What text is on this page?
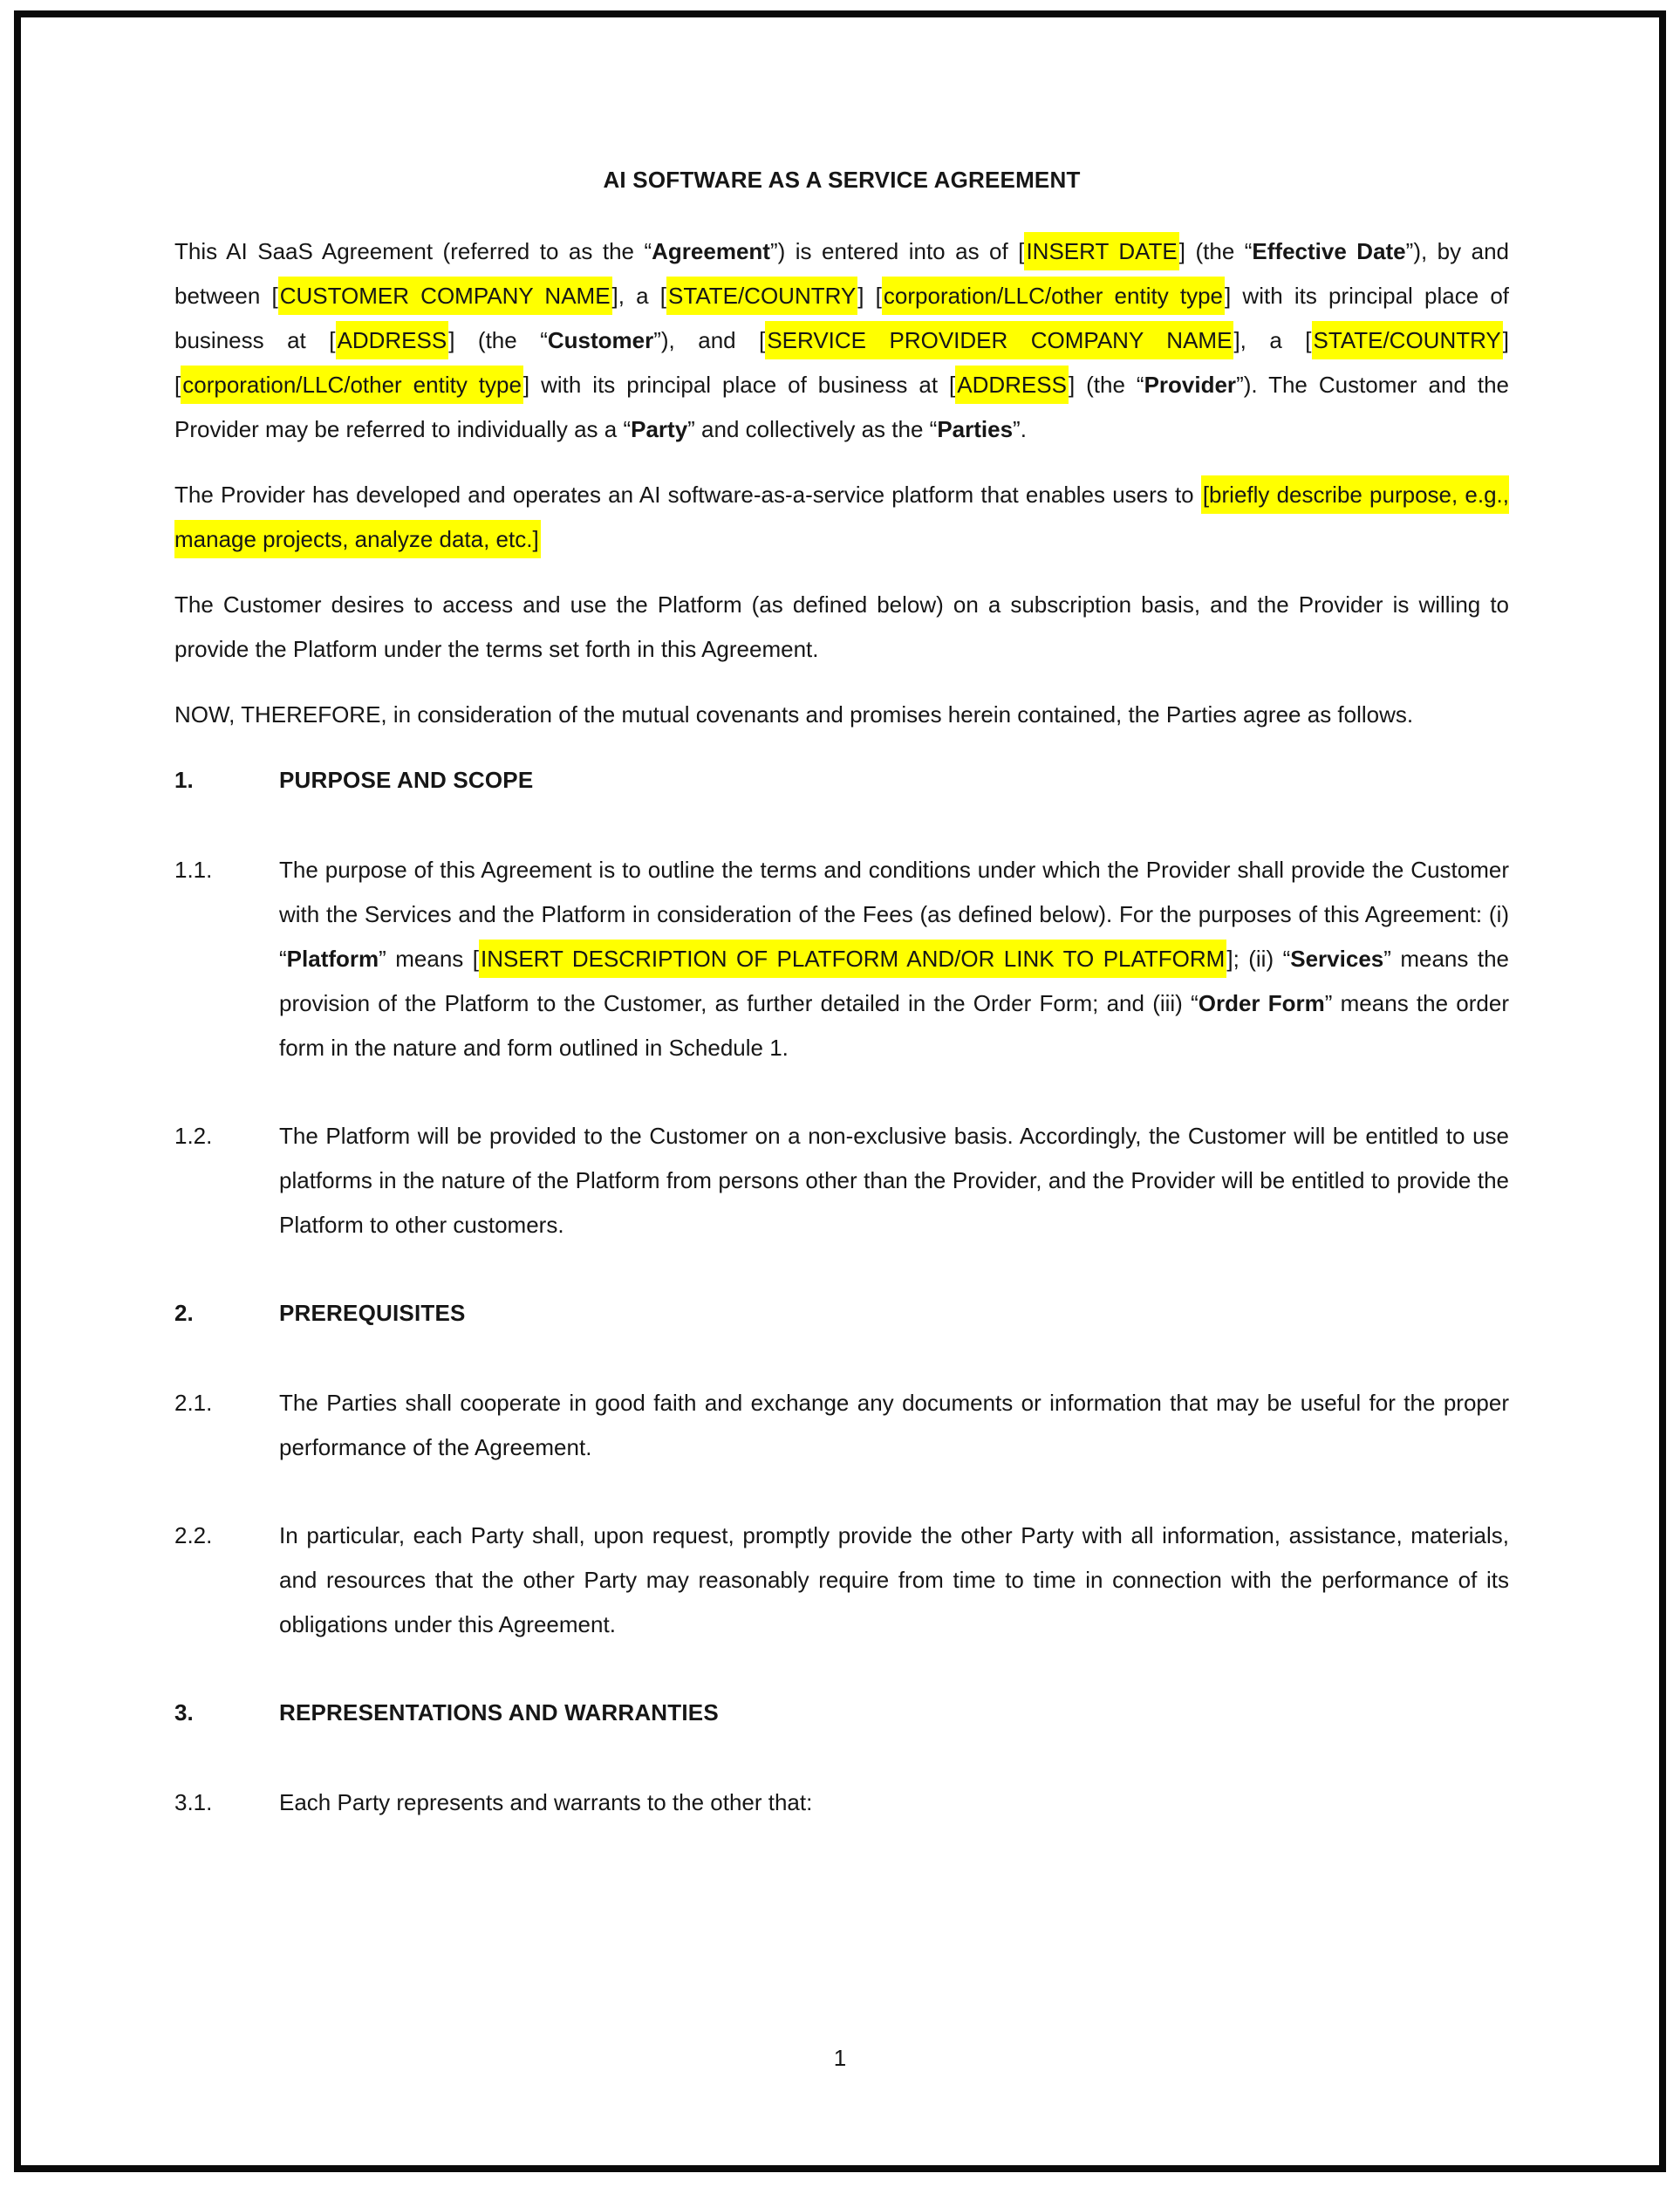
AI SOFTWARE AS A SERVICE AGREEMENT
This AI SaaS Agreement (referred to as the “Agreement”) is entered into as of [INSERT DATE] (the “Effective Date”), by and between [CUSTOMER COMPANY NAME], a [STATE/COUNTRY] [corporation/LLC/other entity type] with its principal place of business at [ADDRESS] (the “Customer”), and [SERVICE PROVIDER COMPANY NAME], a [STATE/COUNTRY] [corporation/LLC/other entity type] with its principal place of business at [ADDRESS] (the “Provider”). The Customer and the Provider may be referred to individually as a “Party” and collectively as the “Parties”.
The Provider has developed and operates an AI software-as-a-service platform that enables users to [briefly describe purpose, e.g., manage projects, analyze data, etc.]
The Customer desires to access and use the Platform (as defined below) on a subscription basis, and the Provider is willing to provide the Platform under the terms set forth in this Agreement.
NOW, THEREFORE, in consideration of the mutual covenants and promises herein contained, the Parties agree as follows.
1.	PURPOSE AND SCOPE
1.1.	The purpose of this Agreement is to outline the terms and conditions under which the Provider shall provide the Customer with the Services and the Platform in consideration of the Fees (as defined below). For the purposes of this Agreement: (i) “Platform” means [INSERT DESCRIPTION OF PLATFORM AND/OR LINK TO PLATFORM]; (ii) “Services” means the provision of the Platform to the Customer, as further detailed in the Order Form; and (iii) “Order Form” means the order form in the nature and form outlined in Schedule 1.
1.2.	The Platform will be provided to the Customer on a non-exclusive basis. Accordingly, the Customer will be entitled to use platforms in the nature of the Platform from persons other than the Provider, and the Provider will be entitled to provide the Platform to other customers.
2.	PREREQUISITES
2.1.	The Parties shall cooperate in good faith and exchange any documents or information that may be useful for the proper performance of the Agreement.
2.2.	In particular, each Party shall, upon request, promptly provide the other Party with all information, assistance, materials, and resources that the other Party may reasonably require from time to time in connection with the performance of its obligations under this Agreement.
3.	REPRESENTATIONS AND WARRANTIES
3.1.	Each Party represents and warrants to the other that:
1
